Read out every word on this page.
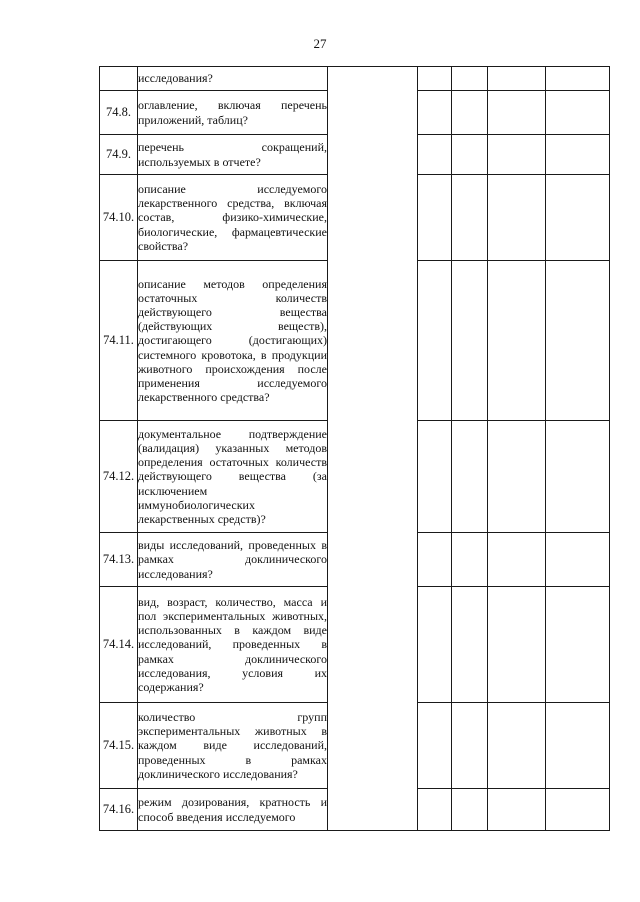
27
	исследования?					
74.8.	оглавление, включая перечень приложений, таблиц?					
74.9.	перечень сокращений, используемых в отчете?					
74.10.	описание исследуемого лекарственного средства, включая состав, физико-химические, биологические, фармацевтические свойства?					
74.11.	описание методов определения остаточных количеств действующего вещества (действующих веществ), достигающего (достигающих) системного кровотока, в продукции животного происхождения после применения исследуемого лекарственного средства?					
74.12.	документальное подтверждение (валидация) указанных методов определения остаточных количеств действующего вещества (за исключением иммунобиологических лекарственных средств)?					
74.13.	виды исследований, проведенных в рамках доклинического исследования?					
74.14.	вид, возраст, количество, масса и пол экспериментальных животных, использованных в каждом виде исследований, проведенных в рамках доклинического исследования, условия их содержания?					
74.15.	количество групп экспериментальных животных в каждом виде исследований, проведенных в рамках доклинического исследования?					
74.16.	режим дозирования, кратность и способ введения исследуемого					
